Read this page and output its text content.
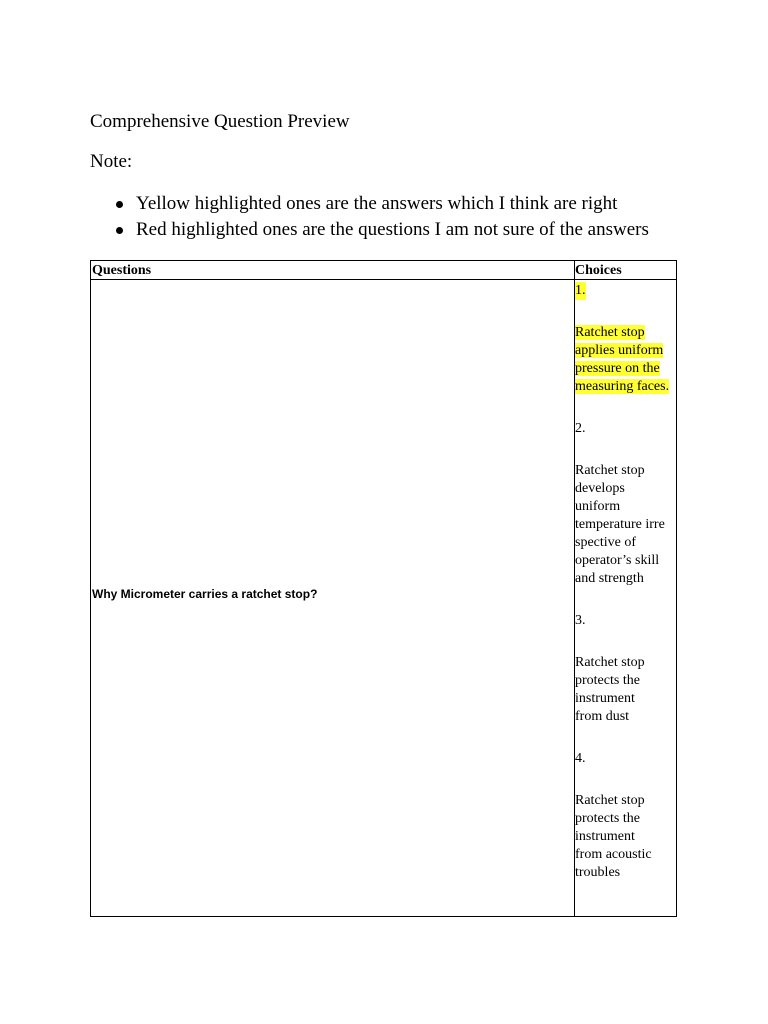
Comprehensive Question Preview
Note:
Yellow highlighted ones are the answers which I think are right
Red highlighted ones are the questions I am not sure of the answers
Questions	Choices
Why Micrometer carries a ratchet stop?
1.
Ratchet stop
applies uniform
pressure on the
measuring faces.

2.
Ratchet stop
develops
uniform
temperature irre
spective of
operator’s skill
and strength

3.
Ratchet stop
protects the
instrument
from dust

4.
Ratchet stop
protects the
instrument
from acoustic
troubles
